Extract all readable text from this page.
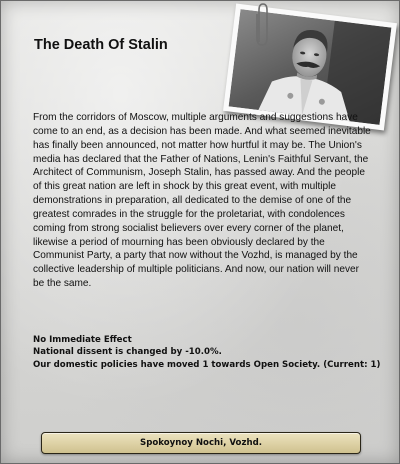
The Death Of Stalin

From the corridors of Moscow, multiple arguments and suggestions have come to an end, as a decision has been made. And what seemed inevitable has finally been announced, not matter how hurtful it may be. The Union's media has declared that the Father of Nations, Lenin's Faithful Servant, the Architect of Communism, Joseph Stalin, has passed away. And the people of this great nation are left in shock by this great event, with multiple demonstrations in preparation, all dedicated to the demise of one of the greatest comrades in the struggle for the proletariat, with condolences coming from strong socialist believers over every corner of the planet, likewise a period of mourning has been obviously declared by the Communist Party, a party that now without the Vozhd, is managed by the collective leadership of multiple politicians. And now, our nation will never be the same.

No Immediate Effect
National dissent is changed by -10.0%.
Our domestic policies have moved 1 towards Open Society. (Current: 1)
Spokoynoy Nochi, Vozhd.
